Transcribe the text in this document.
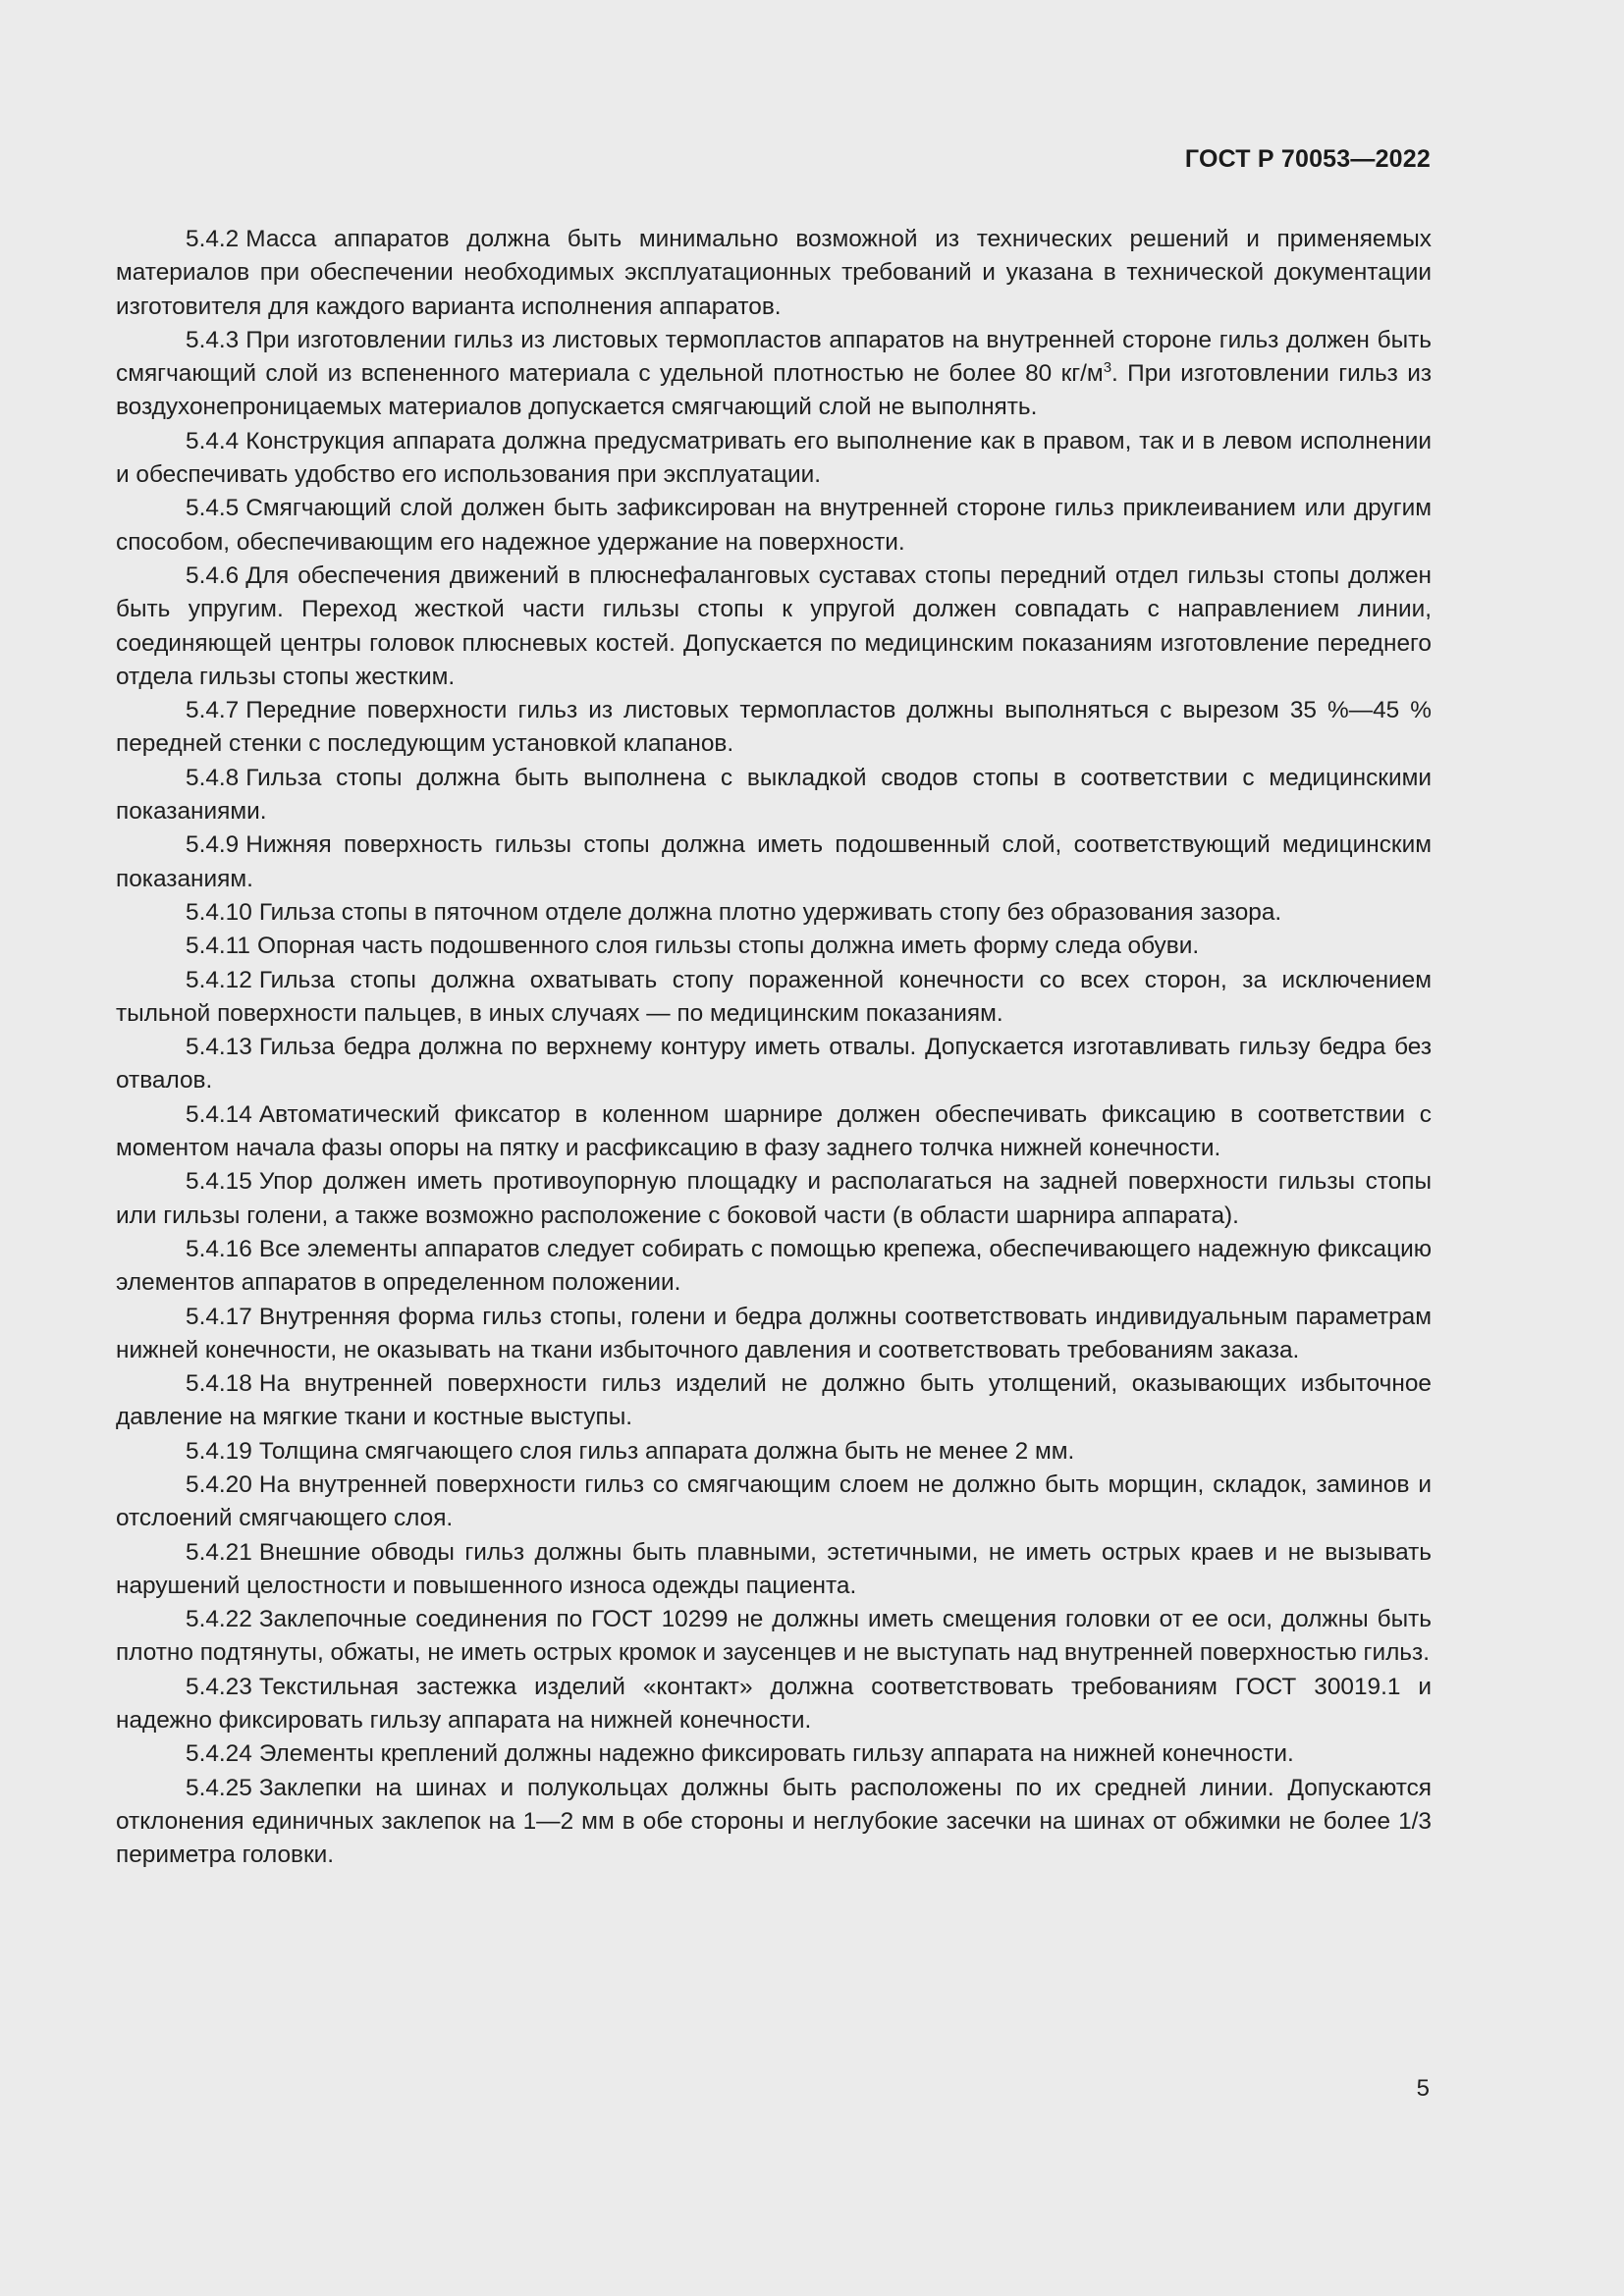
ГОСТ Р 70053—2022

5.4.2 Масса аппаратов должна быть минимально возможной из технических решений и применяемых материалов при обеспечении необходимых эксплуатационных требований и указана в технической документации изготовителя для каждого варианта исполнения аппаратов.

5.4.3 При изготовлении гильз из листовых термопластов аппаратов на внутренней стороне гильз должен быть смягчающий слой из вспененного материала с удельной плотностью не более 80 $кг/м^3$. При изготовлении гильз из воздухонепроницаемых материалов допускается смягчающий слой не выполнять.

5.4.4 Конструкция аппарата должна предусматривать его выполнение как в правом, так и в левом исполнении и обеспечивать удобство его использования при эксплуатации.

5.4.5 Смягчающий слой должен быть зафиксирован на внутренней стороне гильз приклеиванием или другим способом, обеспечивающим его надежное удержание на поверхности.

5.4.6 Для обеспечения движений в плюснефаланговых суставах стопы передний отдел гильзы стопы должен быть упругим. Переход жесткой части гильзы стопы к упругой должен совпадать с направлением линии, соединяющей центры головок плюсневых костей. Допускается по медицинским показаниям изготовление переднего отдела гильзы стопы жестким.

5.4.7 Передние поверхности гильз из листовых термопластов должны выполняться с вырезом 35 %—45 % передней стенки с последующим установкой клапанов.

5.4.8 Гильза стопы должна быть выполнена с выкладкой сводов стопы в соответствии с медицинскими показаниями.

5.4.9 Нижняя поверхность гильзы стопы должна иметь подошвенный слой, соответствующий медицинским показаниям.

5.4.10 Гильза стопы в пяточном отделе должна плотно удерживать стопу без образования зазора.

5.4.11 Опорная часть подошвенного слоя гильзы стопы должна иметь форму следа обуви.

5.4.12 Гильза стопы должна охватывать стопу пораженной конечности со всех сторон, за исключением тыльной поверхности пальцев, в иных случаях — по медицинским показаниям.

5.4.13 Гильза бедра должна по верхнему контуру иметь отвалы. Допускается изготавливать гильзу бедра без отвалов.

5.4.14 Автоматический фиксатор в коленном шарнире должен обеспечивать фиксацию в соответствии с моментом начала фазы опоры на пятку и расфиксацию в фазу заднего толчка нижней конечности.

5.4.15 Упор должен иметь противоупорную площадку и располагаться на задней поверхности гильзы стопы или гильзы голени, а также возможно расположение с боковой части (в области шарнира аппарата).

5.4.16 Все элементы аппаратов следует собирать с помощью крепежа, обеспечивающего надежную фиксацию элементов аппаратов в определенном положении.

5.4.17 Внутренняя форма гильз стопы, голени и бедра должны соответствовать индивидуальным параметрам нижней конечности, не оказывать на ткани избыточного давления и соответствовать требованиям заказа.

5.4.18 На внутренней поверхности гильз изделий не должно быть утолщений, оказывающих избыточное давление на мягкие ткани и костные выступы.

5.4.19 Толщина смягчающего слоя гильз аппарата должна быть не менее 2 мм.

5.4.20 На внутренней поверхности гильз со смягчающим слоем не должно быть морщин, складок, заминов и отслоений смягчающего слоя.

5.4.21 Внешние обводы гильз должны быть плавными, эстетичными, не иметь острых краев и не вызывать нарушений целостности и повышенного износа одежды пациента.

5.4.22 Заклепочные соединения по ГОСТ 10299 не должны иметь смещения головки от ее оси, должны быть плотно подтянуты, обжаты, не иметь острых кромок и заусенцев и не выступать над внутренней поверхностью гильз.

5.4.23 Текстильная застежка изделий «контакт» должна соответствовать требованиям ГОСТ 30019.1 и надежно фиксировать гильзу аппарата на нижней конечности.

5.4.24 Элементы креплений должны надежно фиксировать гильзу аппарата на нижней конечности.

5.4.25 Заклепки на шинах и полукольцах должны быть расположены по их средней линии. Допускаются отклонения единичных заклепок на 1—2 мм в обе стороны и неглубокие засечки на шинах от обжимки не более 1/3 периметра головки.

5
